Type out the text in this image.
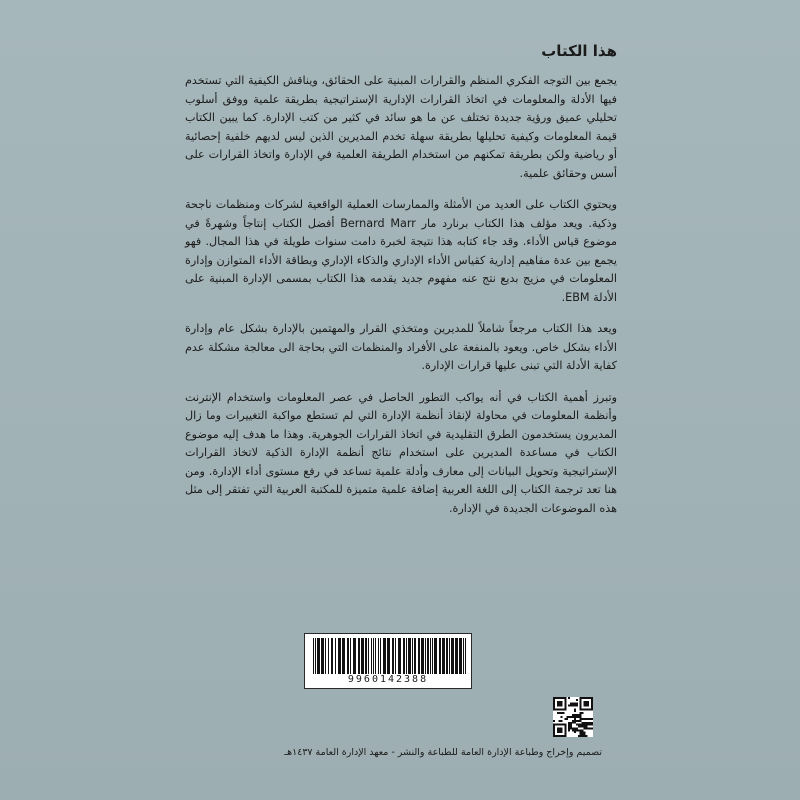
هذا الكتاب

يجمع بين التوجه الفكري المنظم والقرارات المبنية على الحقائق، ويناقش الكيفية التي تستخدم فيها الأدلة والمعلومات في اتخاذ القرارات الإدارية الإستراتيجية بطريقة علمية ووفق أسلوب تحليلي عميق ورؤية جديدة تختلف عن ما هو سائد في كثير من كتب الإدارة. كما يبين الكتاب قيمة المعلومات وكيفية تحليلها بطريقة سهلة تخدم المديرين الذين ليس لديهم خلفية إحصائية أو رياضية ولكن بطريقة تمكنهم من استخدام الطريقة العلمية في الإدارة واتخاذ القرارات على أسس وحقائق علمية.

ويحتوي الكتاب على العديد من الأمثلة والممارسات العملية الواقعية لشركات ومنظمات ناجحة وذكية. ويعد مؤلف هذا الكتاب برنارد مار Bernard Marr أفضل الكتاب إنتاجاً وشهرةً في موضوع قياس الأداء. وقد جاء كتابه هذا نتيجة لخبرة دامت سنوات طويلة في هذا المجال. فهو يجمع بين عدة مفاهيم إدارية كقياس الأداء الإداري والذكاء الإداري وبطاقة الأداء المتوازن وإدارة المعلومات في مزيج بديع نتج عنه مفهوم جديد يقدمه هذا الكتاب بمسمى الإدارة المبنية على الأدلة EBM.

ويعد هذا الكتاب مرجعاً شاملاً للمديرين ومتخذي القرار والمهتمين بالإدارة بشكل عام وإدارة الأداء بشكل خاص. ويعود بالمنفعة على الأفراد والمنظمات التي بحاجة الى معالجة مشكلة عدم كفاية الأدلة التي تبنى عليها قرارات الإدارة.

وتبرز أهمية الكتاب في أنه يواكب التطور الحاصل في عصر المعلومات واستخدام الإنترنت وأنظمة المعلومات في محاولة لإنقاذ أنظمة الإدارة التي لم تستطع مواكبة التغييرات وما زال المديرون يستخدمون الطرق التقليدية في اتخاذ القرارات الجوهرية. وهذا ما هدف إليه موضوع الكتاب في مساعدة المديرين على استخدام نتائج أنظمة الإدارة الذكية لاتخاذ القرارات الإستراتيجية وتحويل البيانات إلى معارف وأدلة علمية تساعد في رفع مستوى أداء الإدارة. ومن هنا تعد ترجمة الكتاب إلى اللغة العربية إضافة علمية متميزة للمكتبة العربية التي تفتقر إلى مثل هذه الموضوعات الجديدة في الإدارة.

9960142388
تصميم وإخراج وطباعة الإدارة العامة للطباعة والنشر - معهد الإدارة العامة ١٤٣٧هـ
